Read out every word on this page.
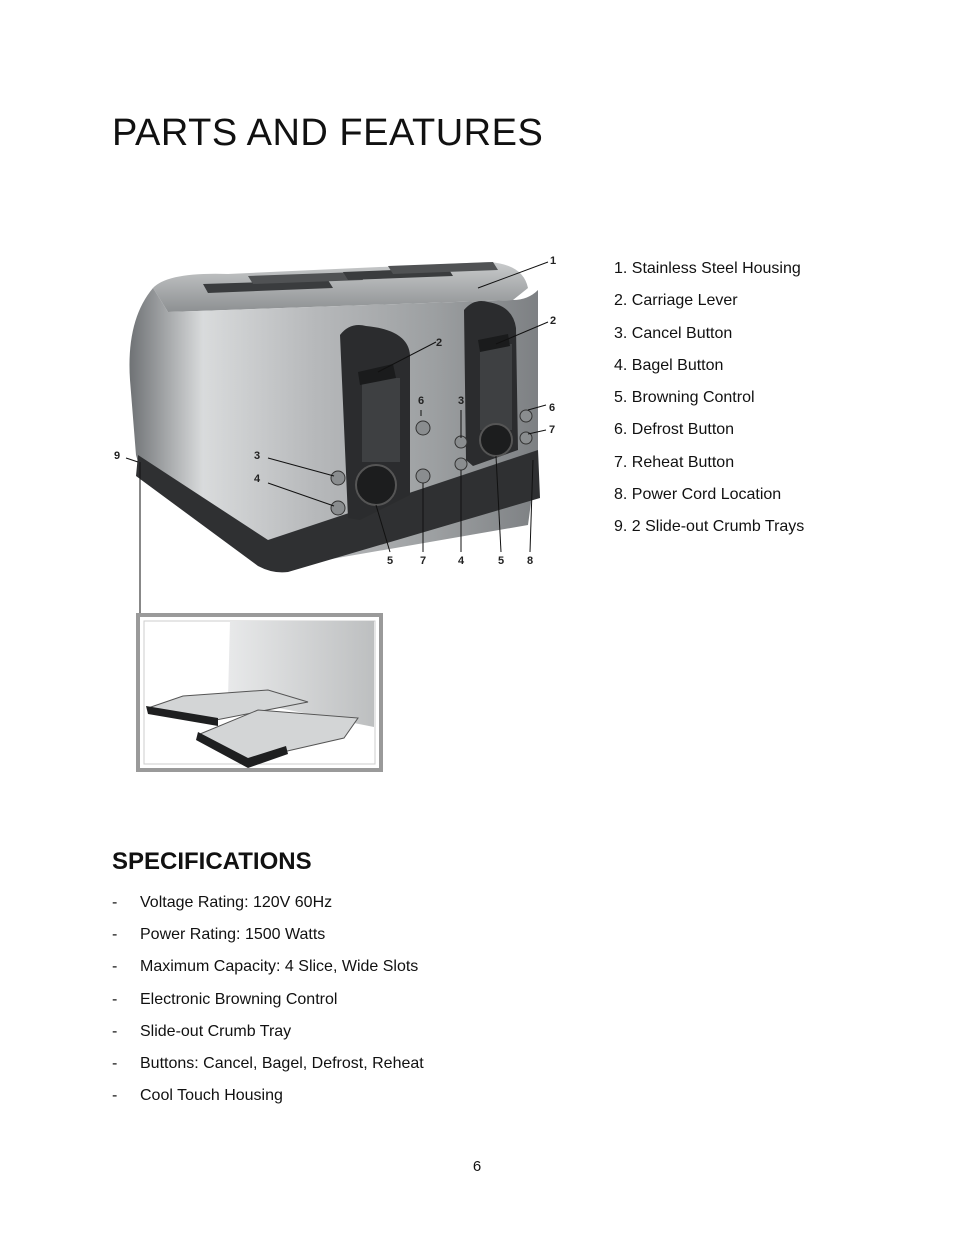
PARTS AND FEATURES
1
2
2
3
3
4
4
5	5
6
6
7
7
8
9
1. Stainless Steel Housing
2. Carriage Lever
3. Cancel Button
4. Bagel Button
5. Browning Control
6. Defrost Button
7. Reheat Button
8. Power Cord Location
9. 2 Slide-out Crumb Trays
SPECIFICATIONS
- Voltage Rating: 120V 60Hz
- Power Rating: 1500 Watts
- Maximum Capacity: 4 Slice, Wide Slots
- Electronic Browning Control
- Slide-out Crumb Tray
- Buttons: Cancel, Bagel, Defrost, Reheat
- Cool Touch Housing
6
